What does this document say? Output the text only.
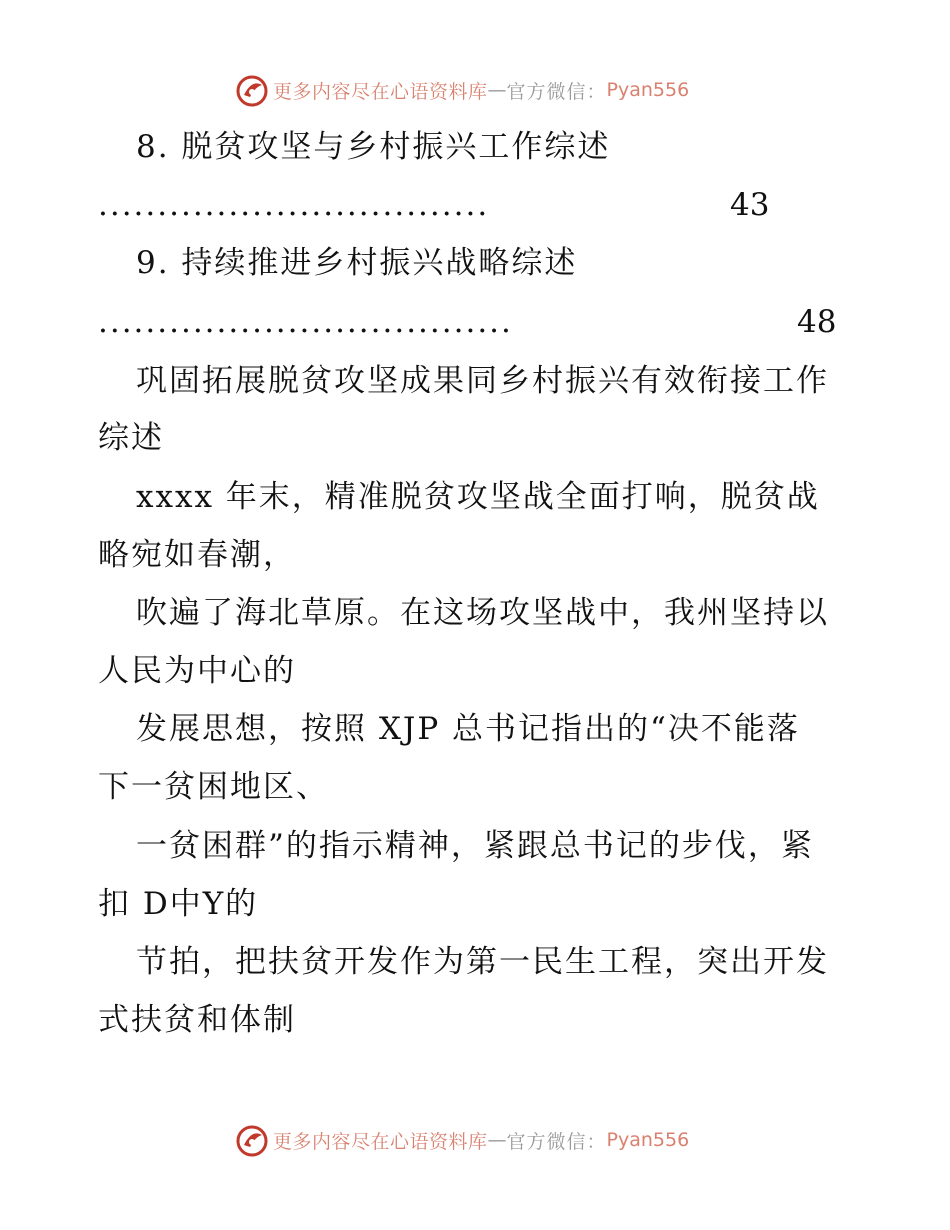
更多内容尽在心语资料库 — 官方微信： Pyan556
8. 脱贫攻坚与乡村振兴工作综述
.................................	43
9. 持续推进乡村振兴战略综述
...................................	48
巩固拓展脱贫攻坚成果同乡村振兴有效衔接工作
综述
xxxx 年末，精准脱贫攻坚战全面打响，脱贫战
略宛如春潮，
吹遍了海北草原。在这场攻坚战中，我州坚持以
人民为中心的
发展思想，按照 XJP 总书记指出的“决不能落
下一贫困地区、
一贫困群”的指示精神，紧跟总书记的步伐，紧
扣 D中Y的
节拍，把扶贫开发作为第一民生工程，突出开发
式扶贫和体制
更多内容尽在心语资料库 — 官方微信： Pyan556
